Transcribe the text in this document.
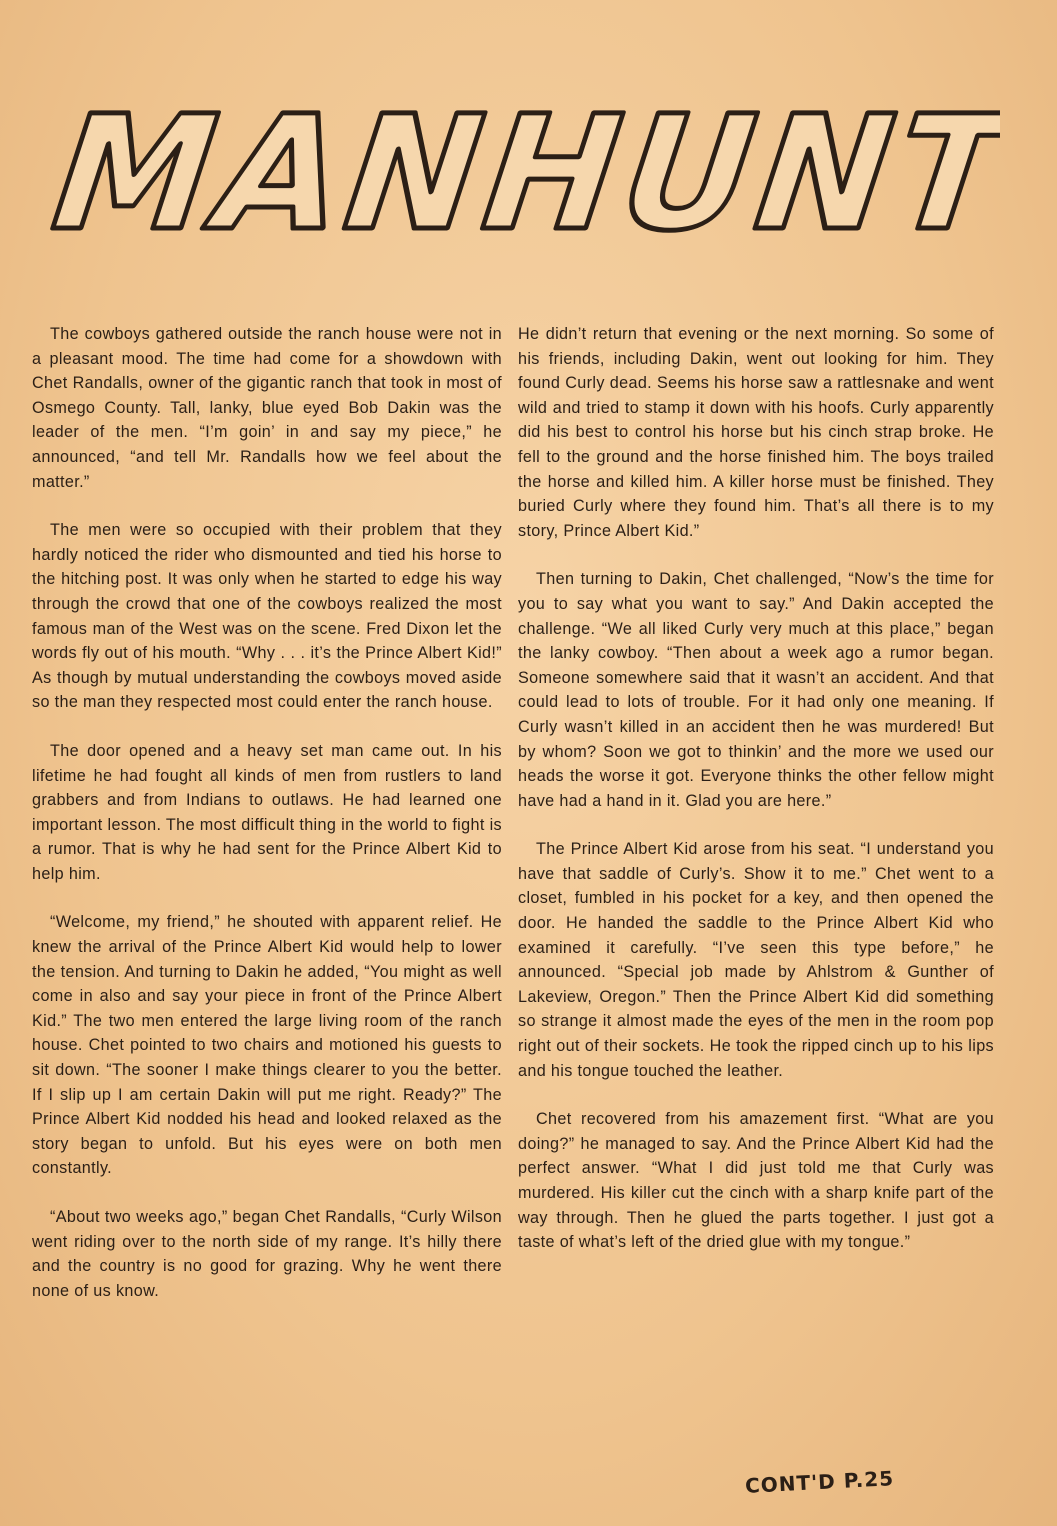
MANHUNT

The cowboys gathered outside the ranch house were not in a pleasant mood. The time had come for a showdown with Chet Randalls, owner of the gigantic ranch that took in most of Osmego County. Tall, lanky, blue eyed Bob Dakin was the leader of the men. “I’m goin’ in and say my piece,” he announced, “and tell Mr. Randalls how we feel about the matter.”

The men were so occupied with their problem that they hardly noticed the rider who dismounted and tied his horse to the hitching post. It was only when he started to edge his way through the crowd that one of the cowboys realized the most famous man of the West was on the scene. Fred Dixon let the words fly out of his mouth. “Why . . . it’s the Prince Albert Kid!” As though by mutual understanding the cowboys moved aside so the man they respected most could enter the ranch house.

The door opened and a heavy set man came out. In his lifetime he had fought all kinds of men from rustlers to land grabbers and from Indians to outlaws. He had learned one important lesson. The most difficult thing in the world to fight is a rumor. That is why he had sent for the Prince Albert Kid to help him.

“Welcome, my friend,” he shouted with apparent relief. He knew the arrival of the Prince Albert Kid would help to lower the tension. And turning to Dakin he added, “You might as well come in also and say your piece in front of the Prince Albert Kid.” The two men entered the large living room of the ranch house. Chet pointed to two chairs and motioned his guests to sit down. “The sooner I make things clearer to you the better. If I slip up I am certain Dakin will put me right. Ready?” The Prince Albert Kid nodded his head and looked relaxed as the story began to unfold. But his eyes were on both men constantly.

“About two weeks ago,” began Chet Randalls, “Curly Wilson went riding over to the north side of my range. It’s hilly there and the country is no good for grazing. Why he went there none of us know.

He didn’t return that evening or the next morning. So some of his friends, including Dakin, went out looking for him. They found Curly dead. Seems his horse saw a rattlesnake and went wild and tried to stamp it down with his hoofs. Curly apparently did his best to control his horse but his cinch strap broke. He fell to the ground and the horse finished him. The boys trailed the horse and killed him. A killer horse must be finished. They buried Curly where they found him. That’s all there is to my story, Prince Albert Kid.”

Then turning to Dakin, Chet challenged, “Now’s the time for you to say what you want to say.” And Dakin accepted the challenge. “We all liked Curly very much at this place,” began the lanky cowboy. “Then about a week ago a rumor began. Someone somewhere said that it wasn’t an accident. And that could lead to lots of trouble. For it had only one meaning. If Curly wasn’t killed in an accident then he was murdered! But by whom? Soon we got to thinkin’ and the more we used our heads the worse it got. Everyone thinks the other fellow might have had a hand in it. Glad you are here.”

The Prince Albert Kid arose from his seat. “I understand you have that saddle of Curly’s. Show it to me.” Chet went to a closet, fumbled in his pocket for a key, and then opened the door. He handed the saddle to the Prince Albert Kid who examined it carefully. “I’ve seen this type before,” he announced. “Special job made by Ahlstrom & Gunther of Lakeview, Oregon.” Then the Prince Albert Kid did something so strange it almost made the eyes of the men in the room pop right out of their sockets. He took the ripped cinch up to his lips and his tongue touched the leather.

Chet recovered from his amazement first. “What are you doing?” he managed to say. And the Prince Albert Kid had the perfect answer. “What I did just told me that Curly was murdered. His killer cut the cinch with a sharp knife part of the way through. Then he glued the parts together. I just got a taste of what’s left of the dried glue with my tongue.”

CONT'D P.25
